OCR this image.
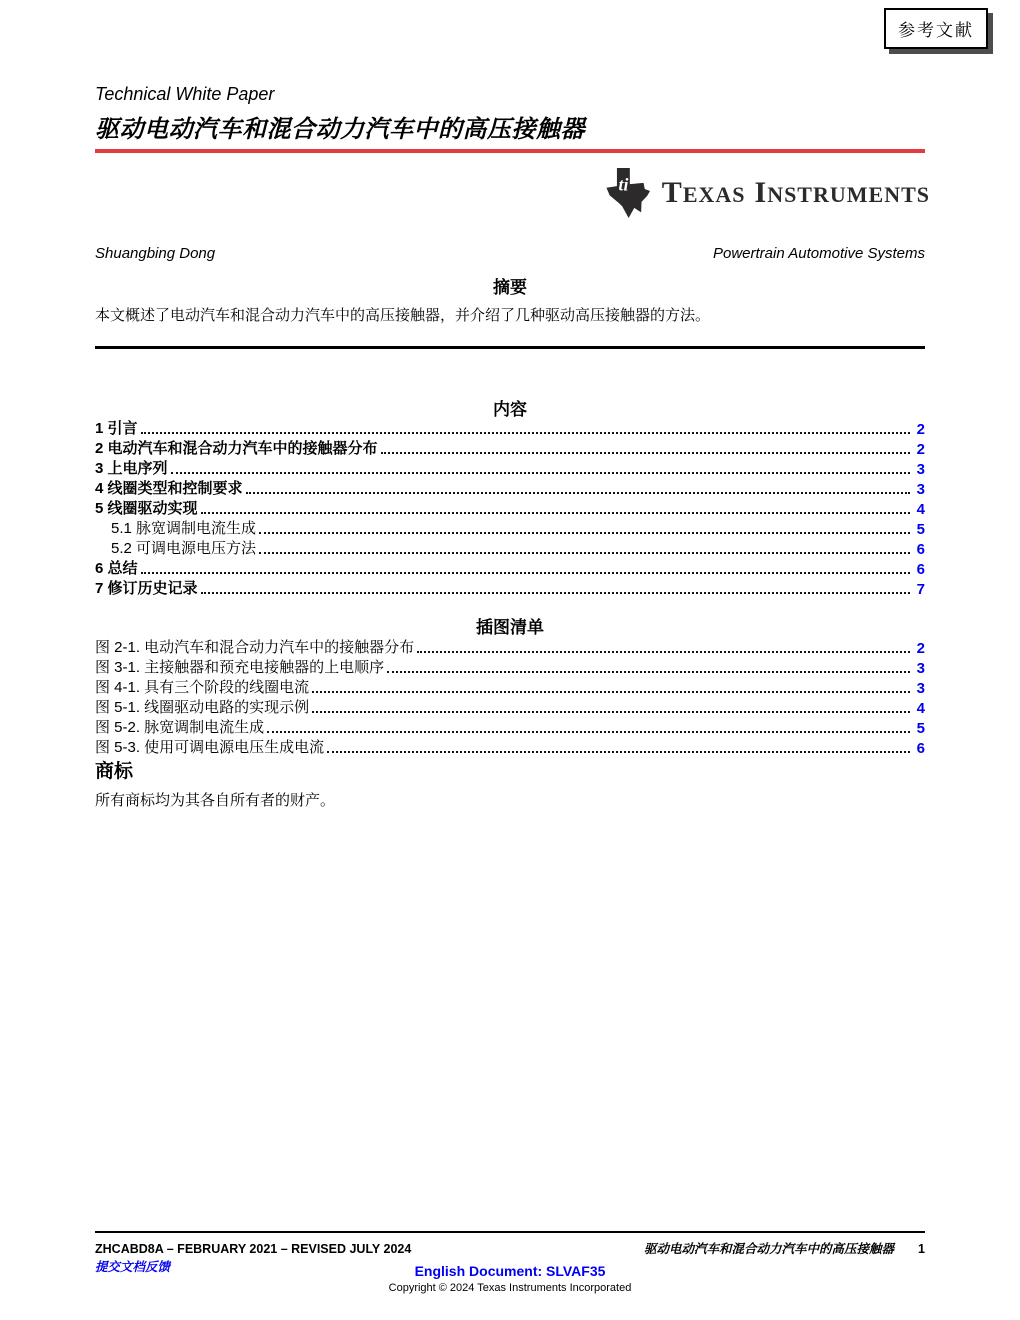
参考文献
Technical White Paper
驱动电动汽车和混合动力汽车中的高压接触器
ti TEXAS INSTRUMENTS
Shuangbing Dong	Powertrain Automotive Systems
摘要

本文概述了电动汽车和混合动力汽车中的高压接触器，并介绍了几种驱动高压接触器的方法。

内容
1 引言	2
2 电动汽车和混合动力汽车中的接触器分布	2
3 上电序列	3
4 线圈类型和控制要求	3
5 线圈驱动实现	4
5.1 脉宽调制电流生成	5
5.2 可调电源电压方法	6
6 总结	6
7 修订历史记录	7
插图清单
图 2-1. 电动汽车和混合动力汽车中的接触器分布	2
图 3-1. 主接触器和预充电接触器的上电顺序	3
图 4-1. 具有三个阶段的线圈电流	3
图 5-1. 线圈驱动电路的实现示例	4
图 5-2. 脉宽调制电流生成	5
图 5-3. 使用可调电源电压生成电流	6
商标

所有商标均为其各自所有者的财产。

ZHCABD8A – FEBRUARY 2021 – REVISED JULY 2024	驱动电动汽车和混合动力汽车中的高压接触器 1
提交文档反馈	English Document: SLVAF35
Copyright © 2024 Texas Instruments Incorporated
